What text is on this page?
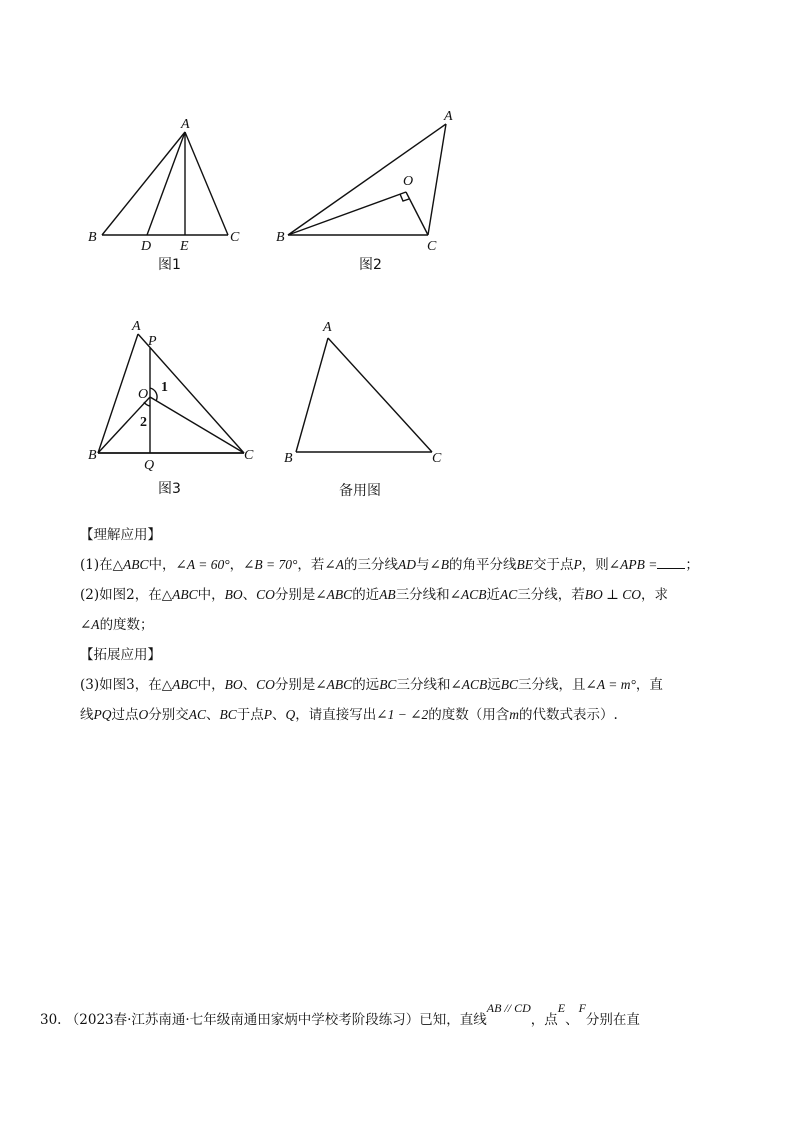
A
B
D E
C
图1
A
O
B
C
图2
A
P
O 1
2
B
Q
C
图3
A
B	C
备用图
【理解应用】
(1)在△ABC中，∠A = 60°，∠B = 70°，若∠A的三分线AD与∠B的角平分线BE交于点P，则∠APB = ；
(2)如图2，在△ABC中，BO、CO分别是∠ABC的近AB三分线和∠ACB近AC三分线，若BO ⊥ CO，求
∠A的度数；
【拓展应用】
(3)如图3，在△ABC中，BO、CO分别是∠ABC的远BC三分线和∠ACB远BC三分线，且∠A = m°，直
线PQ过点O分别交AC、BC于点P、Q，请直接写出∠1 − ∠2的度数（用含m的代数式表示）.
30. （2023春·江苏南通·七年级南通田家炳中学校考阶段练习）已知，直线AB // CD，点E、F分别在直
